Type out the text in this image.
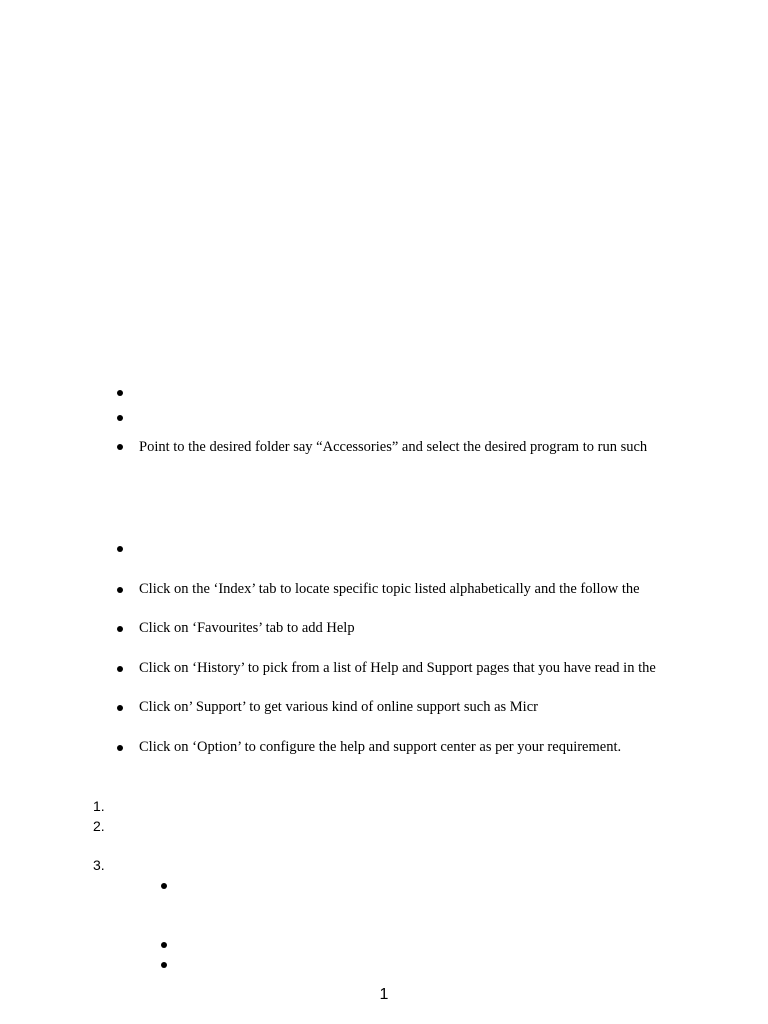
Point to the desired folder say “Accessories” and select the desired program to run such
Click on the ‘Index’ tab to locate specific topic listed alphabetically and the follow the
Click on ‘Favourites’ tab to add Help
Click on ‘History’ to pick from a list of Help and Support pages that you have read in the
Click on’ Support’ to get various kind of online support such as Micr
Click on ‘Option’ to configure the help and support center as per your requirement.
1.
2.
3.
1
